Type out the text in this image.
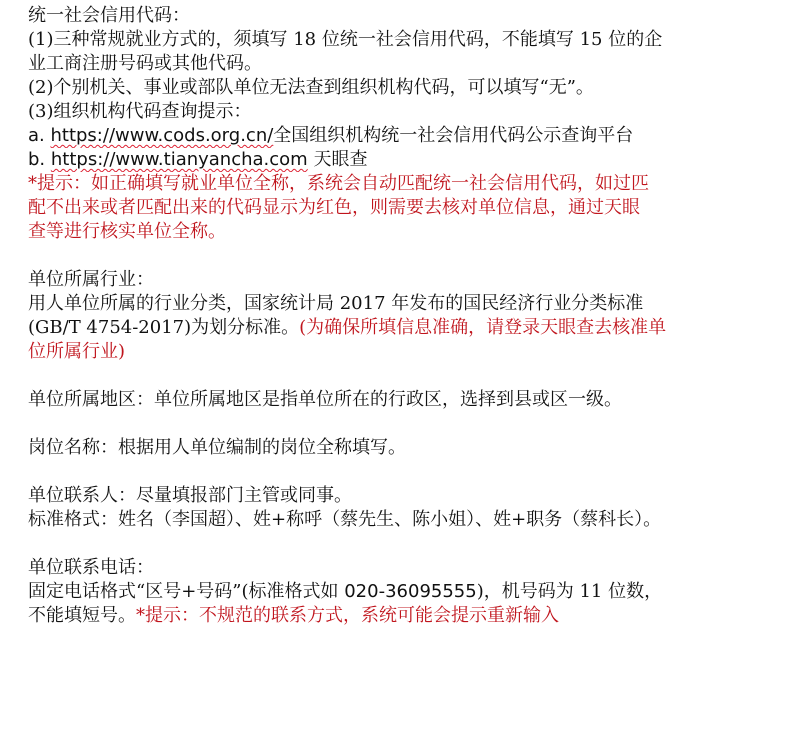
统一社会信用代码：
(1)三种常规就业方式的，须填写 18 位统一社会信用代码，不能填写 15 位的企
业工商注册号码或其他代码。
(2)个别机关、事业或部队单位无法查到组织机构代码，可以填写“无”。
(3)组织机构代码查询提示：
a. https://www.cods.org.cn/全国组织机构统一社会信用代码公示查询平台
b. https://www.tianyancha.com 天眼查
*提示：如正确填写就业单位全称，系统会自动匹配统一社会信用代码，如过匹
配不出来或者匹配出来的代码显示为红色，则需要去核对单位信息，通过天眼
查等进行核实单位全称。
单位所属行业：
用人单位所属的行业分类，国家统计局 2017 年发布的国民经济行业分类标准
(GB/T 4754-2017)为划分标准。(为确保所填信息准确，请登录天眼查去核准单
位所属行业)
单位所属地区：单位所属地区是指单位所在的行政区，选择到县或区一级。
岗位名称：根据用人单位编制的岗位全称填写。
单位联系人：尽量填报部门主管或同事。
标准格式：姓名（李国超）、姓+称呼（蔡先生、陈小姐）、姓+职务（蔡科长）。
单位联系电话：
固定电话格式“区号+号码”(标准格式如 020-36095555)，机号码为 11 位数，
不能填短号。*提示：不规范的联系方式，系统可能会提示重新输入
